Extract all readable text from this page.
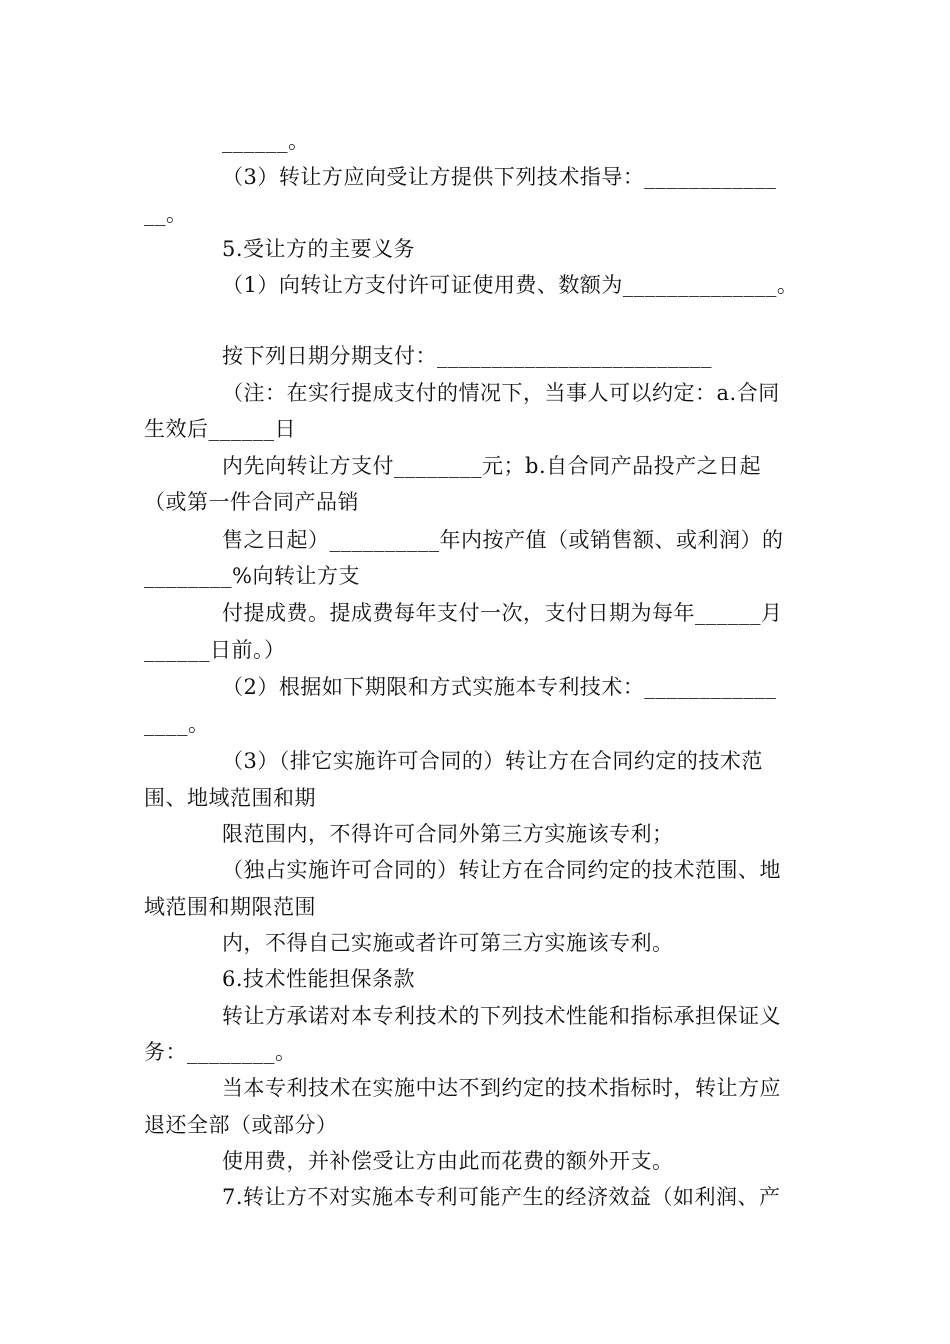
______。
（3）转让方应向受让方提供下列技术指导：____________
__。
5.受让方的主要义务
（1）向转让方支付许可证使用费、数额为______________。
按下列日期分期支付：_________________________
（注：在实行提成支付的情况下，当事人可以约定：a.合同
生效后______日
内先向转让方支付________元；b.自合同产品投产之日起
（或第一件合同产品销
售之日起）__________年内按产值（或销售额、或利润）的
________%向转让方支
付提成费。提成费每年支付一次，支付日期为每年______月
______日前。）
（2）根据如下期限和方式实施本专利技术：____________
____。
（3）（排它实施许可合同的）转让方在合同约定的技术范
围、地域范围和期
限范围内，不得许可合同外第三方实施该专利；
（独占实施许可合同的）转让方在合同约定的技术范围、地
域范围和期限范围
内，不得自己实施或者许可第三方实施该专利。
6.技术性能担保条款
转让方承诺对本专利技术的下列技术性能和指标承担保证义
务：________。
当本专利技术在实施中达不到约定的技术指标时，转让方应
退还全部（或部分）
使用费，并补偿受让方由此而花费的额外开支。
7.转让方不对实施本专利可能产生的经济效益（如利润、产
